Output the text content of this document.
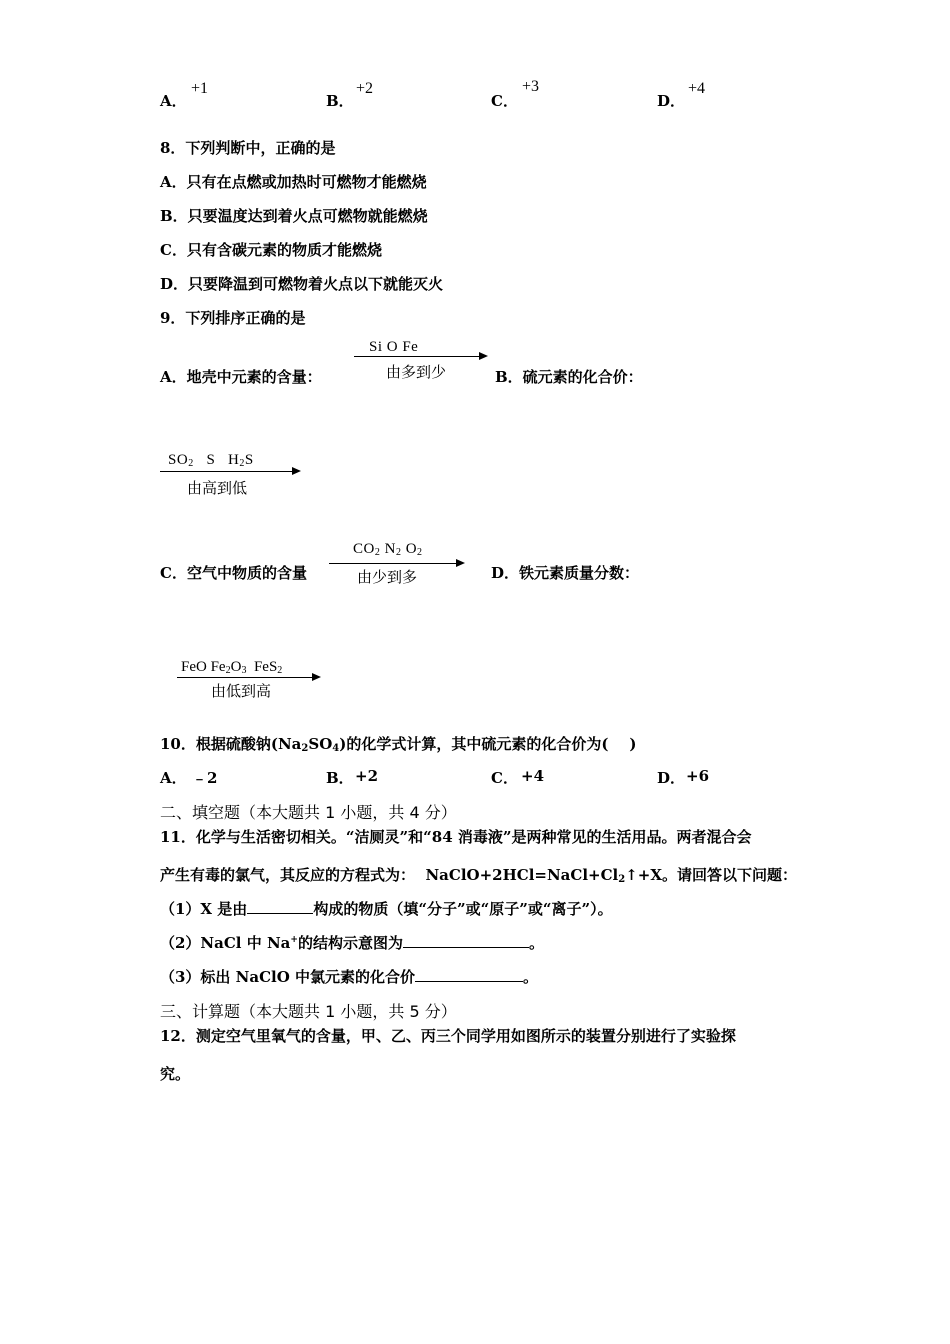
A．
+1
B．
+2
C．
+3
D．
+4
8．下列判断中，正确的是
A．只有在点燃或加热时可燃物才能燃烧
B．只要温度达到着火点可燃物就能燃烧
C．只有含碳元素的物质才能燃烧
D．只要降温到可燃物着火点以下就能灭火
9．下列排序正确的是
A．地壳中元素的含量：
Si O Fe
由多到少	B．硫元素的化合价：
$SO_2$   S   $H_2S$
由高到低
C．空气中物质的含量
$CO_2$ $N_2$ $O_2$
由少到多	D．铁元素质量分数：
FeO $Fe_2O_3$  FeS$_2$
由低到高
10．根据硫酸钠$(Na_2SO_4)$的化学式计算，其中硫元素的化合价为(    )
A． ﹣2	B． +2	C． +4	D． +6
二、填空题（本大题共 1 小题，共 4 分）
11．化学与生活密切相关。“洁厕灵”和“84 消毒液”是两种常见的生活用品。两者混合会
产生有毒的氯气，其反应的方程式为：  $NaClO+2HCl=NaCl+Cl_2↑+X$。请回答以下问题：
（1）X 是由	构成的物质（填“分子”或“原子”或“离子”）。
（2）NaCl 中 Na+的结构示意图为	。
（3）标出 NaClO 中氯元素的化合价	。
三、计算题（本大题共 1 小题，共 5 分）
12．测定空气里氧气的含量，甲、乙、丙三个同学用如图所示的装置分别进行了实验探
究。
